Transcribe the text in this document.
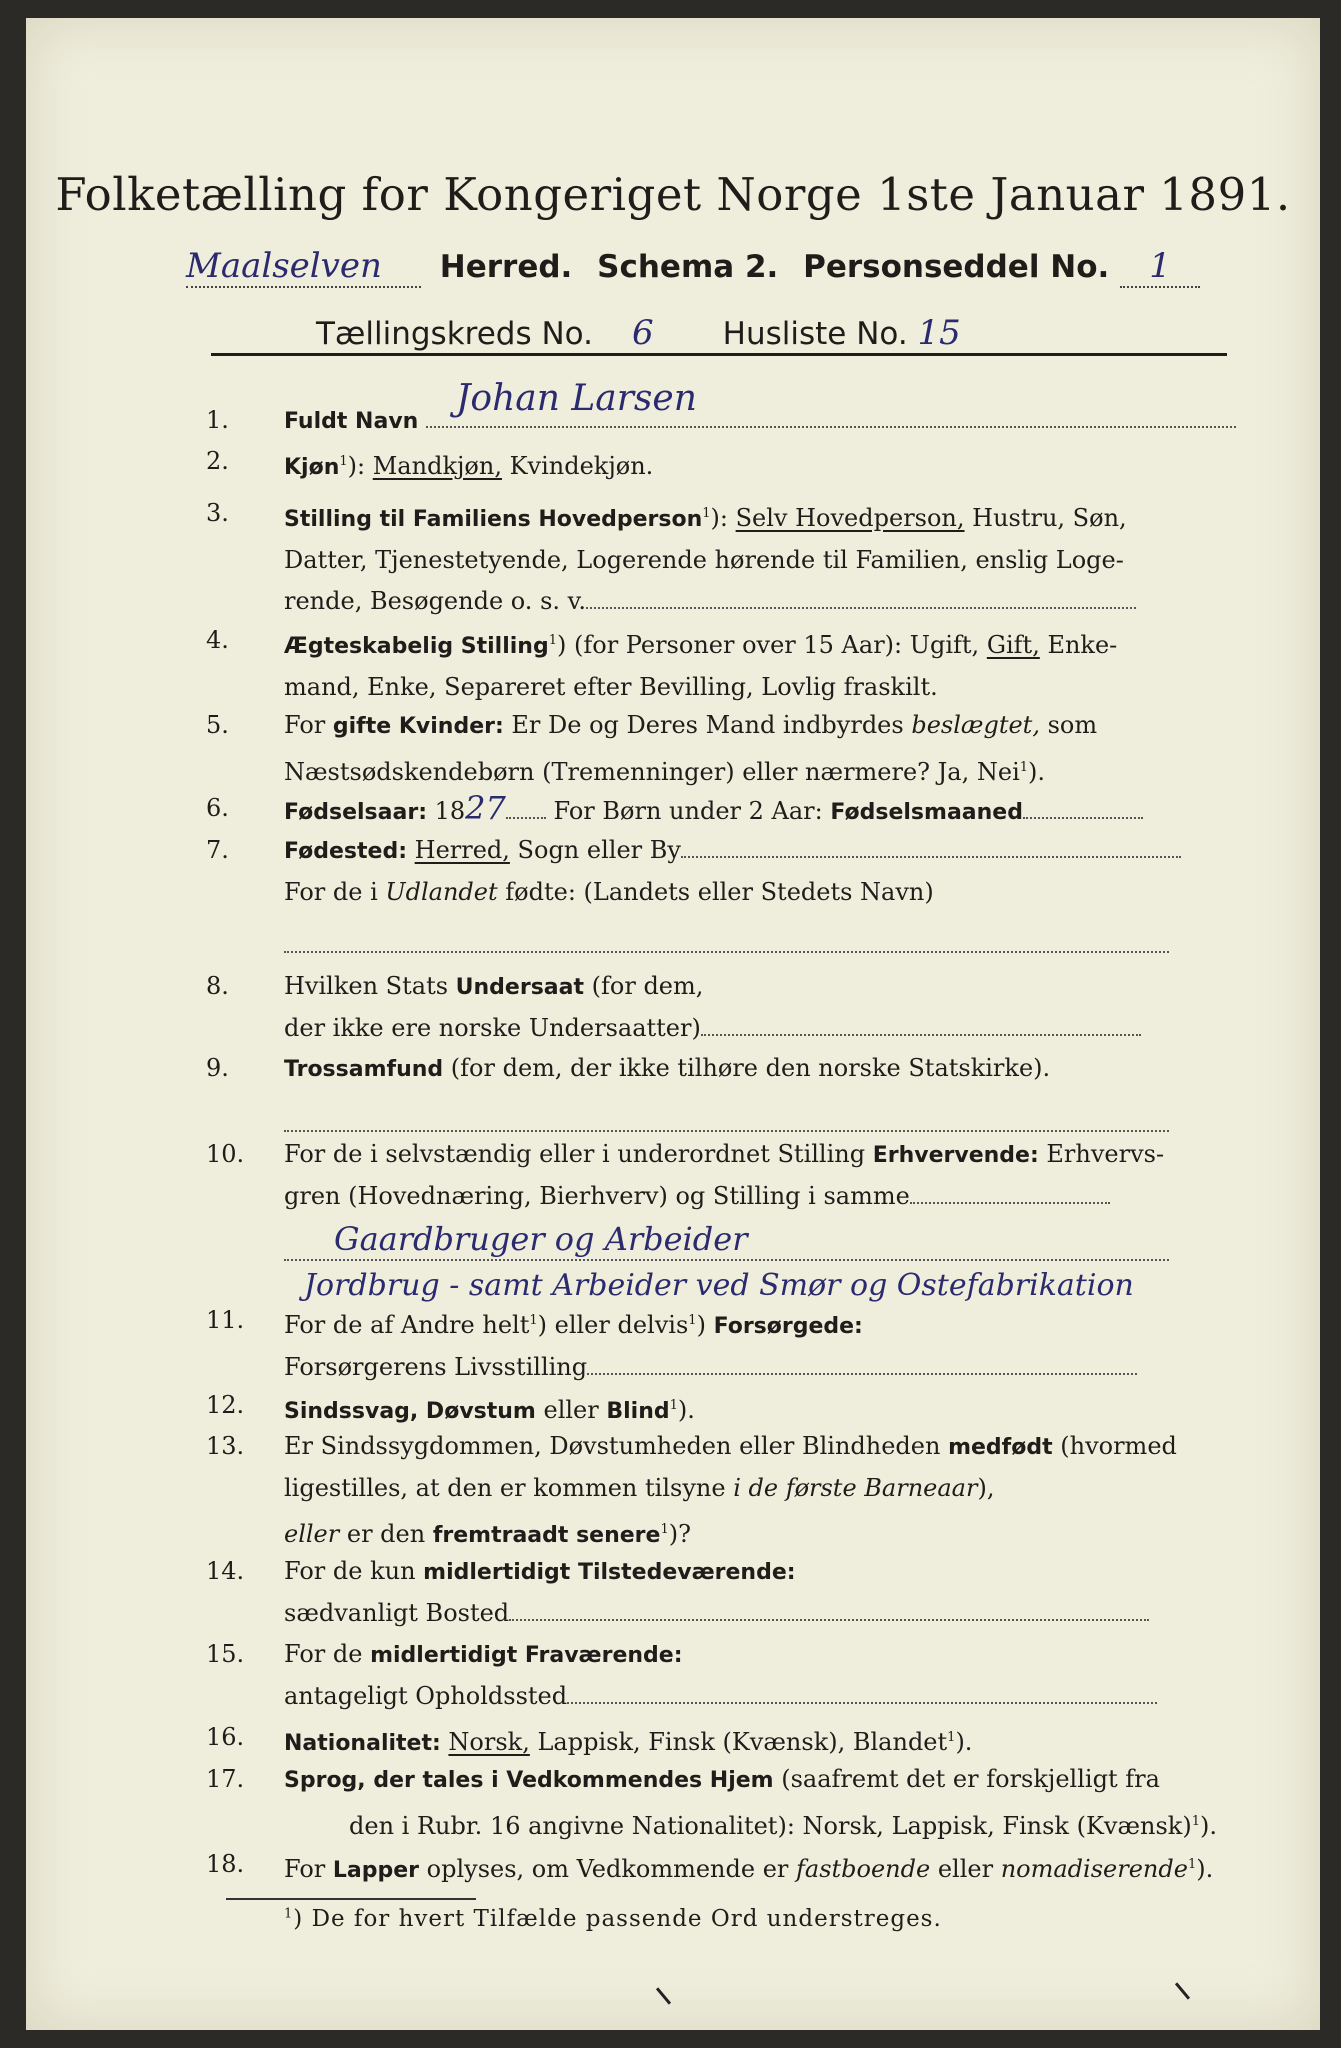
Folketælling for Kongeriget Norge 1ste Januar 1891.
Maalselven Herred. Schema 2. Personseddel No. 1
Tællingskreds No. 6 Husliste No. 15
1.	Fuldt Navn
Johan Larsen
2.	Kjøn$^1$): Mandkjøn, Kvindekjøn.
3.	Stilling til Familiens Hovedperson$^1$): Selv Hovedperson, Hustru, Søn,
Datter, Tjenestetyende, Logerende hørende til Familien, enslig Loge-
rende, Besøgende o. s. v.
4.	Ægteskabelig Stilling$^1$) (for Personer over 15 Aar): Ugift, Gift, Enke-
mand, Enke, Separeret efter Bevilling, Lovlig fraskilt.
5.	For gifte Kvinder: Er De og Deres Mand indbyrdes beslægtet, som
Næstsødskendebørn (Tremenninger) eller nærmere? Ja, Nei$^1$).
6.	Fødselsaar: 1827 For Børn under 2 Aar: Fødselsmaaned
7.	Fødested: Herred, Sogn eller By
For de i Udlandet fødte: (Landets eller Stedets Navn)
8.	Hvilken Stats Undersaat (for dem,
der ikke ere norske Undersaatter)
9.	Trossamfund (for dem, der ikke tilhøre den norske Statskirke).
10.	For de i selvstændig eller i underordnet Stilling Erhvervende: Erhvervs-
gren (Hovednæring, Bierhverv) og Stilling i samme
Gaardbruger og Arbeider
Jordbrug - samt Arbeider ved Smør og Ostefabrikation
11.	For de af Andre helt$^1$) eller delvis$^1$) Forsørgede:
Forsørgerens Livsstilling
12.	Sindssvag, Døvstum eller Blind$^1$).
13.	Er Sindssygdommen, Døvstumheden eller Blindheden medfødt (hvormed
ligestilles, at den er kommen tilsyne i de første Barneaar),
eller er den fremtraadt senere$^1$)?
14.	For de kun midlertidigt Tilstedeværende:
sædvanligt Bosted
15.	For de midlertidigt Fraværende:
antageligt Opholdssted
16.	Nationalitet: Norsk, Lappisk, Finsk (Kvænsk), Blandet$^1$).
17.	Sprog, der tales i Vedkommendes Hjem (saafremt det er forskjelligt fra
den i Rubr. 16 angivne Nationalitet): Norsk, Lappisk, Finsk (Kvænsk)$^1$).
18.	For Lapper oplyses, om Vedkommende er fastboende eller nomadiserende$^1$).
$^1$) De for hvert Tilfælde passende Ord understreges.
